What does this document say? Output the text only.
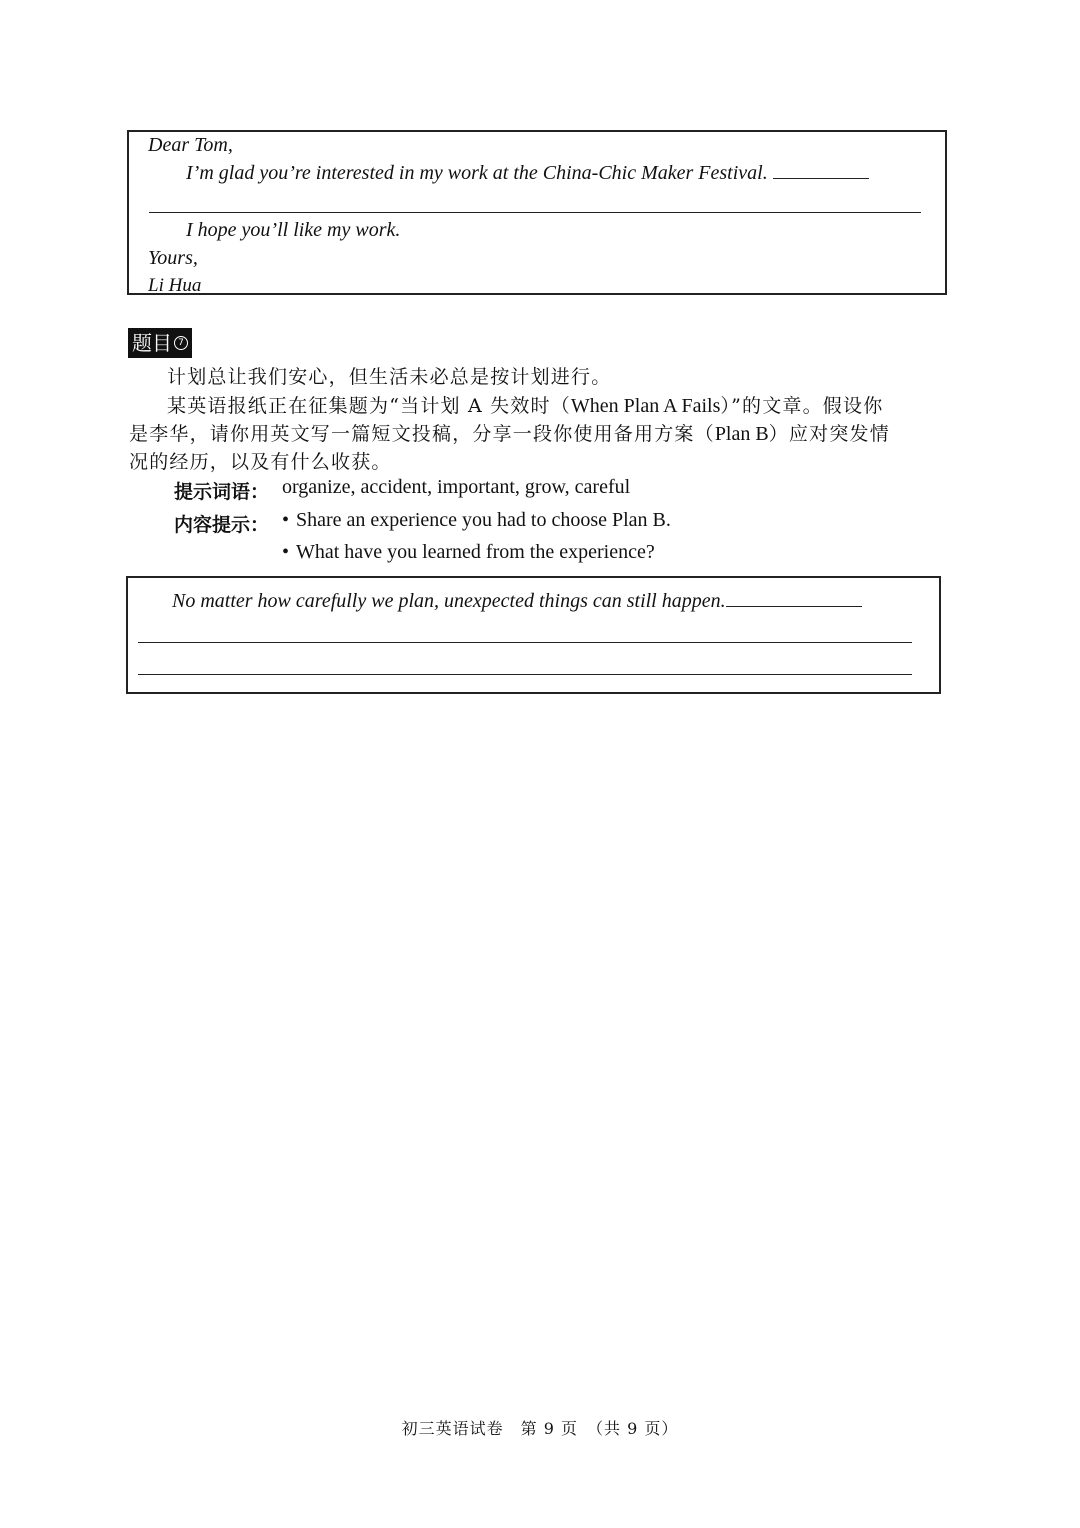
Dear Tom,
I’m glad you’re interested in my work at the China-Chic Maker Festival.
I hope you’ll like my work.
Yours,
Li Hua
题目 7
计划总让我们安心，但生活未必总是按计划进行。
某英语报纸正在征集题为“当计划 A 失效时（When Plan A Fails）”的文章。假设你
是李华，请你用英文写一篇短文投稿，分享一段你使用备用方案（Plan B）应对突发情
况的经历，以及有什么收获。
提示词语： organize, accident, important, grow, careful
内容提示： • Share an experience you had to choose Plan B.
• What have you learned from the experience?
No matter how carefully we plan, unexpected things can still happen.
初三英语试卷　第 9 页　（共 9 页）
